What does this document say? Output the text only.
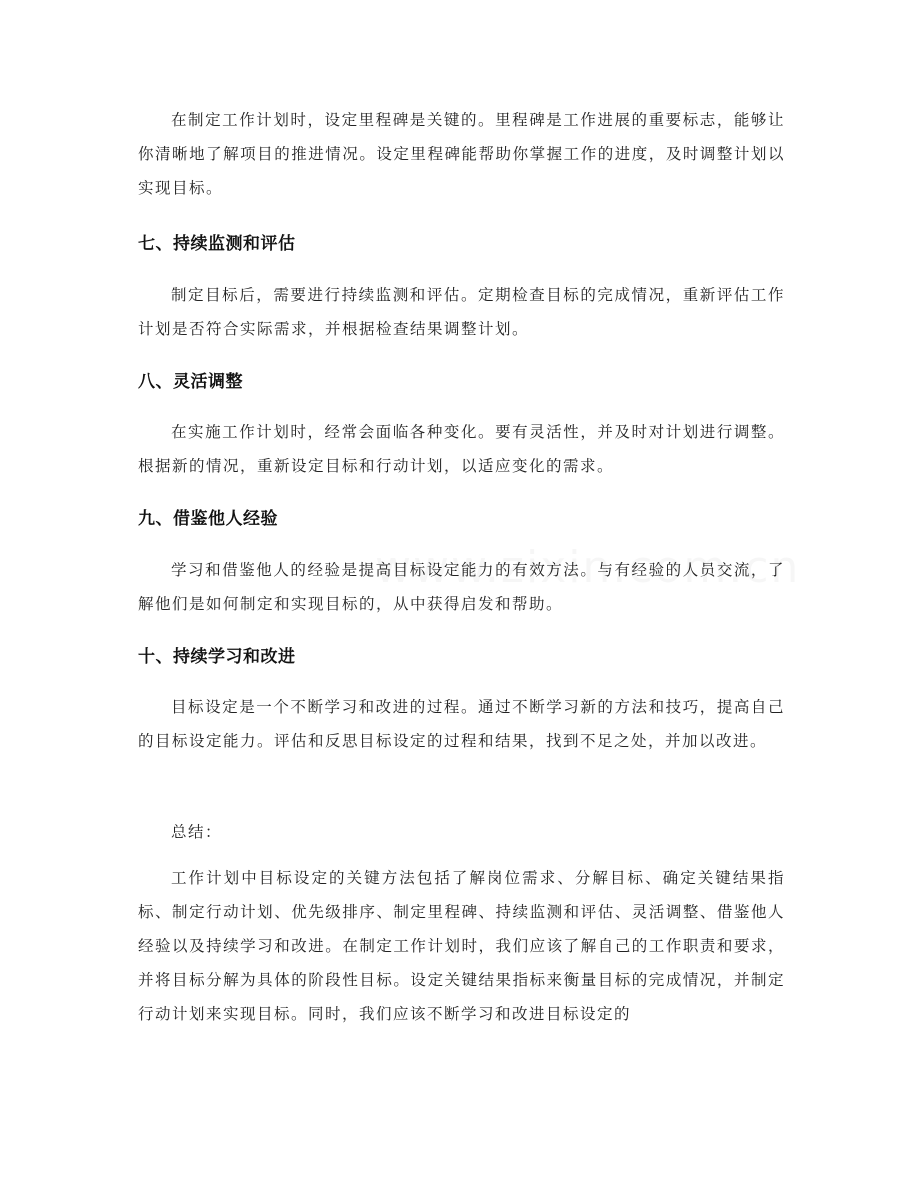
在制定工作计划时，设定里程碑是关键的。里程碑是工作进展的重要标志，能够让你清晰地了解项目的推进情况。设定里程碑能帮助你掌握工作的进度，及时调整计划以实现目标。

七、持续监测和评估

制定目标后，需要进行持续监测和评估。定期检查目标的完成情况，重新评估工作计划是否符合实际需求，并根据检查结果调整计划。

八、灵活调整

在实施工作计划时，经常会面临各种变化。要有灵活性，并及时对计划进行调整。根据新的情况，重新设定目标和行动计划，以适应变化的需求。

九、借鉴他人经验

学习和借鉴他人的经验是提高目标设定能力的有效方法。与有经验的人员交流，了解他们是如何制定和实现目标的，从中获得启发和帮助。

十、持续学习和改进

目标设定是一个不断学习和改进的过程。通过不断学习新的方法和技巧，提高自己的目标设定能力。评估和反思目标设定的过程和结果，找到不足之处，并加以改进。

总结：

工作计划中目标设定的关键方法包括了解岗位需求、分解目标、确定关键结果指标、制定行动计划、优先级排序、制定里程碑、持续监测和评估、灵活调整、借鉴他人经验以及持续学习和改进。在制定工作计划时，我们应该了解自己的工作职责和要求，并将目标分解为具体的阶段性目标。设定关键结果指标来衡量目标的完成情况，并制定行动计划来实现目标。同时，我们应该不断学习和改进目标设定的
